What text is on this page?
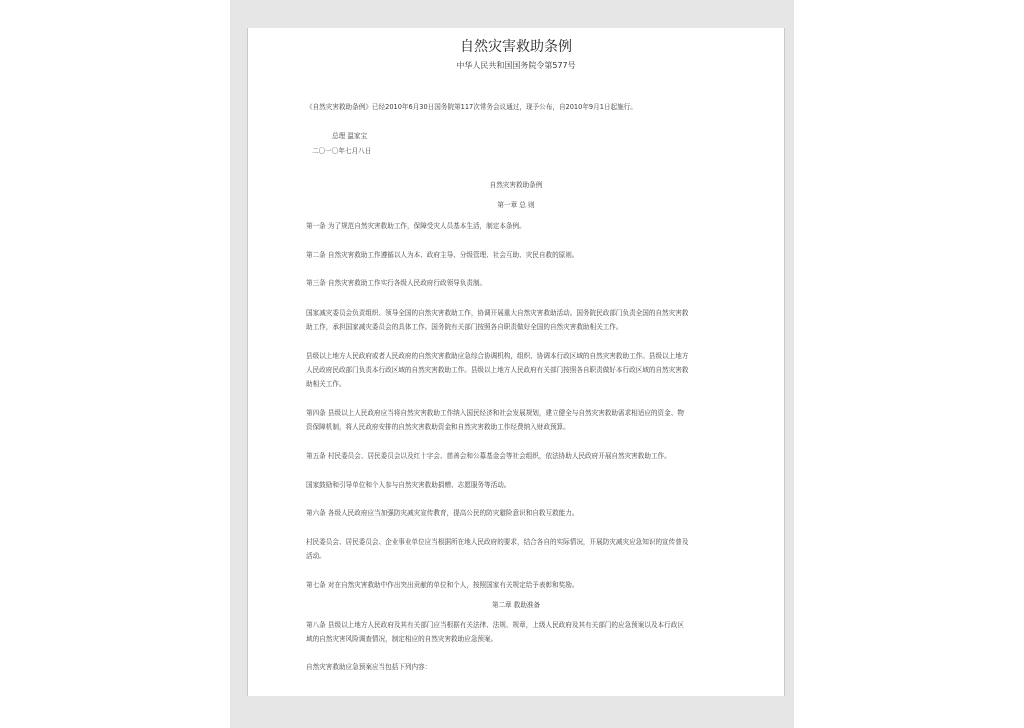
自然灾害救助条例
中华人民共和国国务院令第577号
《自然灾害救助条例》已经2010年6月30日国务院第117次常务会议通过，现予公布，自2010年9月1日起施行。
总理 温家宝
二〇一〇年七月八日
自然灾害救助条例
第一章 总 则
第一条 为了规范自然灾害救助工作，保障受灾人员基本生活，制定本条例。
第二条 自然灾害救助工作遵循以人为本、政府主导、分级管理、社会互助、灾民自救的原则。
第三条 自然灾害救助工作实行各级人民政府行政领导负责制。
国家减灾委员会负责组织、领导全国的自然灾害救助工作，协调开展重大自然灾害救助活动。国务院民政部门负责全国的自然灾害救
助工作，承担国家减灾委员会的具体工作。国务院有关部门按照各自职责做好全国的自然灾害救助相关工作。
县级以上地方人民政府或者人民政府的自然灾害救助应急综合协调机构，组织、协调本行政区域的自然灾害救助工作。县级以上地方
人民政府民政部门负责本行政区域的自然灾害救助工作。县级以上地方人民政府有关部门按照各自职责做好本行政区域的自然灾害救
助相关工作。
第四条 县级以上人民政府应当将自然灾害救助工作纳入国民经济和社会发展规划，建立健全与自然灾害救助需求相适应的资金、物
资保障机制，将人民政府安排的自然灾害救助资金和自然灾害救助工作经费纳入财政预算。
第五条 村民委员会、居民委员会以及红十字会、慈善会和公募基金会等社会组织，依法协助人民政府开展自然灾害救助工作。
国家鼓励和引导单位和个人参与自然灾害救助捐赠、志愿服务等活动。
第六条 各级人民政府应当加强防灾减灾宣传教育，提高公民的防灾避险意识和自救互救能力。
村民委员会、居民委员会、企业事业单位应当根据所在地人民政府的要求，结合各自的实际情况，开展防灾减灾应急知识的宣传普及
活动。
第七条 对在自然灾害救助中作出突出贡献的单位和个人，按照国家有关规定给予表彰和奖励。
第二章 救助准备
第八条 县级以上地方人民政府及其有关部门应当根据有关法律、法规、规章，上级人民政府及其有关部门的应急预案以及本行政区
域的自然灾害风险调查情况，制定相应的自然灾害救助应急预案。
自然灾害救助应急预案应当包括下列内容：
